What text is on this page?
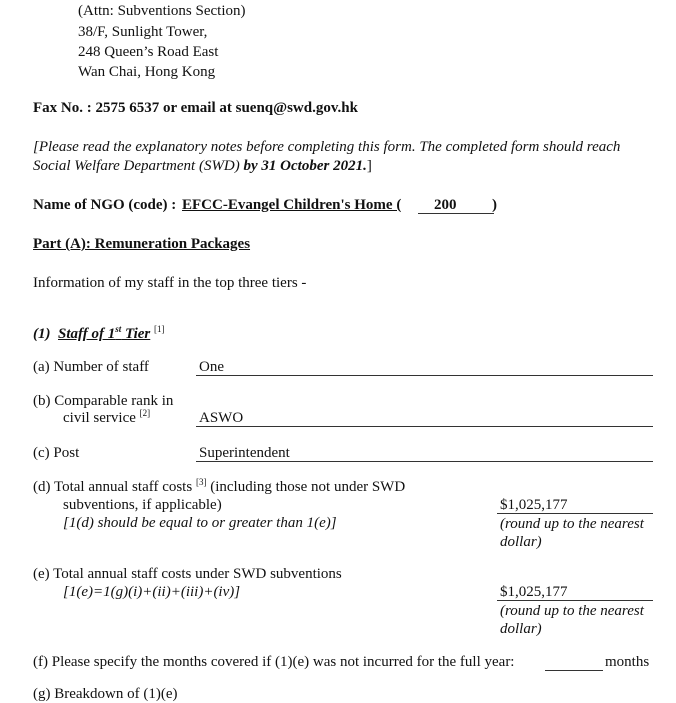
(Attn: Subventions Section)
38/F, Sunlight Tower,
248 Queen’s Road East
Wan Chai, Hong Kong
Fax No. : 2575 6537 or email at suenq@swd.gov.hk
[Please read the explanatory notes before completing this form. The completed form should reach
Social Welfare Department (SWD) by 31 October 2021.]
Name of NGO (code) : EFCC-Evangel Children's Home ( 200 )
Part (A): Remuneration Packages
Information of my staff in the top three tiers -
(1) Staff of 1st Tier [1]
(a) Number of staff	One
(b) Comparable rank in
civil service [2]	ASWO
(c) Post	Superintendent
(d) Total annual staff costs [3] (including those not under SWD
subventions, if applicable)
[1(d) should be equal to or greater than 1(e)]
$1,025,177
(round up to the nearest
dollar)
(e) Total annual staff costs under SWD subventions
[1(e)=1(g)(i)+(ii)+(iii)+(iv)]	$1,025,177
(round up to the nearest
dollar)
(f) Please specify the months covered if (1)(e) was not incurred for the full year:	months
(g) Breakdown of (1)(e)
